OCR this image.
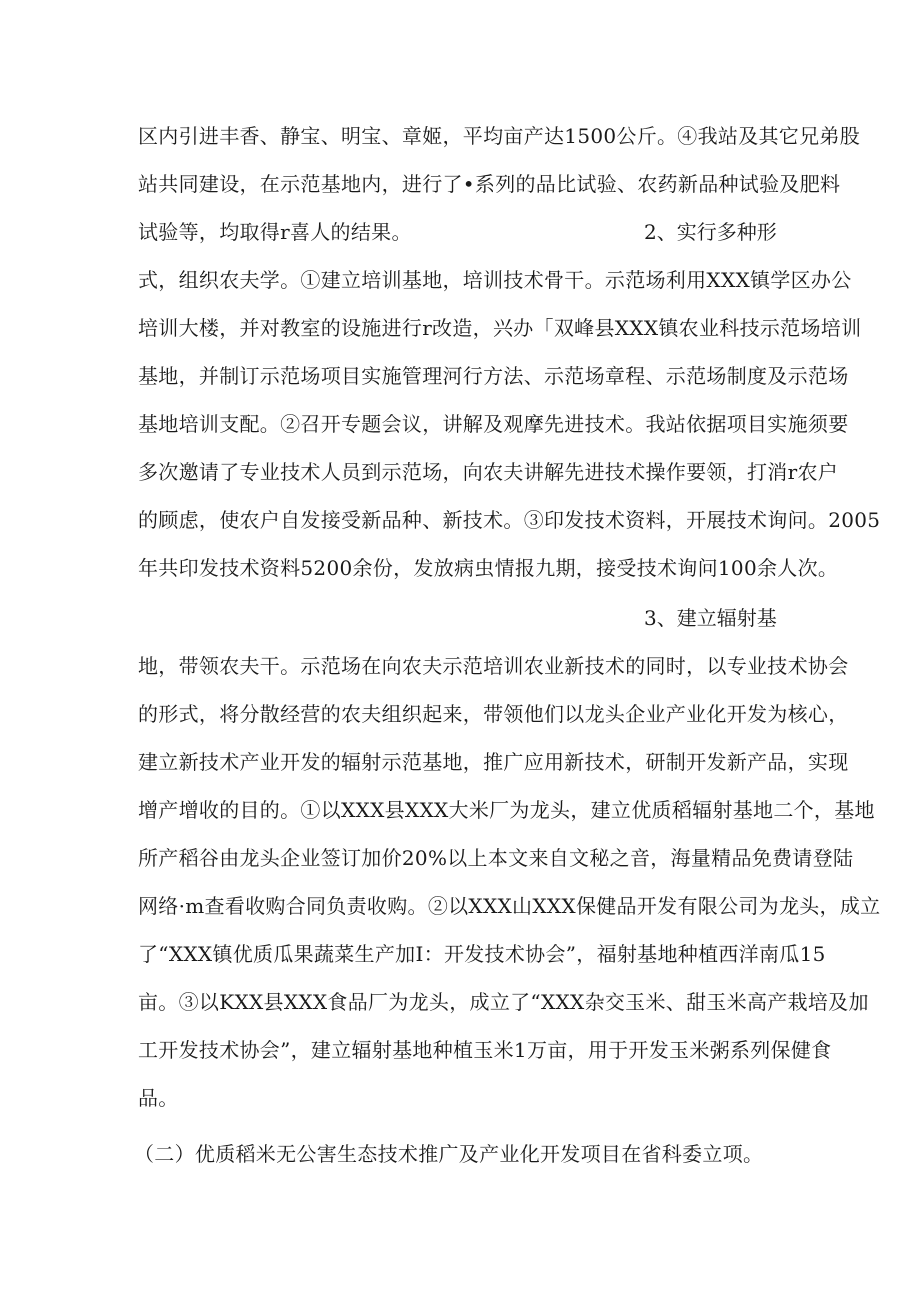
区内引进丰香、静宝、明宝、章姬，平均亩产达1500公斤。④我站及其它兄弟股
站共同建设，在示范基地内，进行了•系列的品比试验、农药新品种试验及肥料
试验等，均取得r喜人的结果。	2、实行多种形
式，组织农夫学。①建立培训基地，培训技术骨干。示范场利用XXX镇学区办公
培训大楼，并对教室的设施进行r改造，兴办「双峰县XXX镇农业科技示范场培训
基地，并制订示范场项目实施管理河行方法、示范场章程、示范场制度及示范场
基地培训支配。②召开专题会议，讲解及观摩先进技术。我站依据项目实施须要
多次邀请了专业技术人员到示范场，向农夫讲解先进技术操作要领，打消r农户
的顾虑，使农户自发接受新品种、新技术。③印发技术资料，开展技术询问。2005
年共印发技术资料5200余份，发放病虫情报九期，接受技术询问100余人次。
3、建立辐射基
地，带领农夫干。示范场在向农夫示范培训农业新技术的同时，以专业技术协会
的形式，将分散经营的农夫组织起来，带领他们以龙头企业产业化开发为核心，
建立新技术产业开发的辐射示范基地，推广应用新技术，研制开发新产品，实现
增产增收的目的。①以XXX县XXX大米厂为龙头，建立优质稻辐射基地二个，基地
所产稻谷由龙头企业签订加价20%以上本文来自文秘之音，海量精品免费请登陆
网络·m查看收购合同负责收购。②以XXX山XXX保健品开发有限公司为龙头，成立
了“XXX镇优质瓜果蔬菜生产加I：开发技术协会”，福射基地种植西洋南瓜15
亩。③以KXX县XXX食品厂为龙头，成立了“XXX杂交玉米、甜玉米高产栽培及加
工开发技术协会”，建立辐射基地种植玉米1万亩，用于开发玉米粥系列保健食
品。
（二）优质稻米无公害生态技术推广及产业化开发项目在省科委立项。
